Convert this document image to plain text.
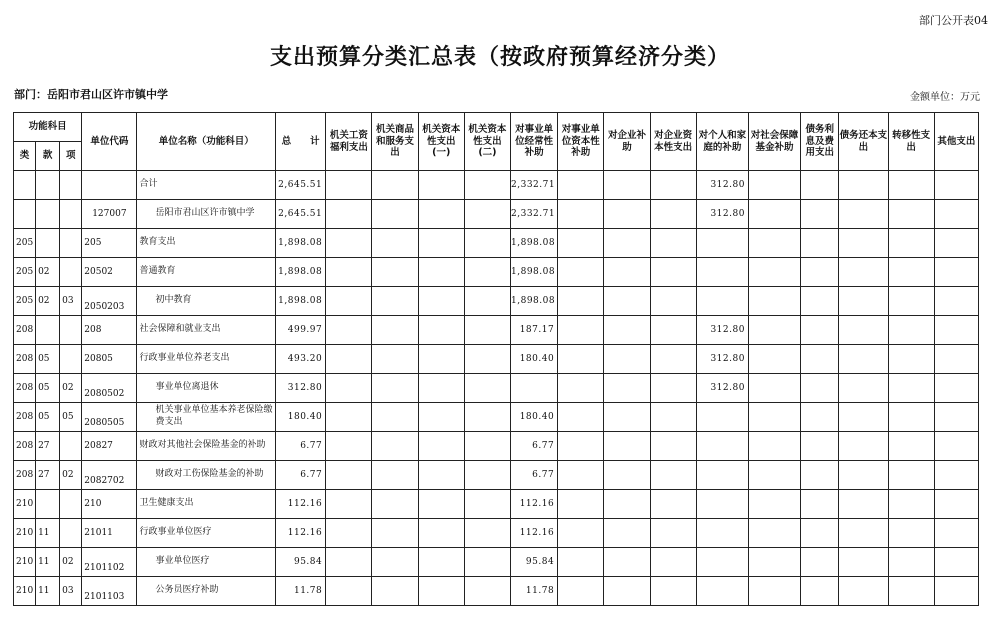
部门公开表04
支出预算分类汇总表（按政府预算经济分类）
部门：岳阳市君山区许市镇中学	金额单位：万元
功能科目			单位代码	单位名称（功能科目）	总　　计	机关工资福利支出	机关商品和服务支出	机关资本性支出(一)	机关资本性支出(二)	对事业单位经常性补助	对事业单位资本性补助	对企业补助	对企业资本性支出	对个人和家庭的补助	对社会保障基金补助	债务利息及费用支出	债务还本支出	转移性支出	其他支出
类	款	项																	
				合计	2,645.51					2,332.71				312.80					
			127007	岳阳市君山区许市镇中学	2,645.51					2,332.71				312.80					
205			205	教育支出	1,898.08					1,898.08									
205	02		20502	普通教育	1,898.08					1,898.08									
205	02	03	2050203	初中教育	1,898.08					1,898.08									
208			208	社会保障和就业支出	499.97					187.17				312.80					
208	05		20805	行政事业单位养老支出	493.20					180.40				312.80					
208	05	02	2080502	事业单位离退休	312.80									312.80					
208	05	05	2080505	机关事业单位基本养老保险缴费支出	180.40					180.40									
208	27		20827	财政对其他社会保险基金的补助	6.77					6.77									
208	27	02	2082702	财政对工伤保险基金的补助	6.77					6.77									
210			210	卫生健康支出	112.16					112.16									
210	11		21011	行政事业单位医疗	112.16					112.16									
210	11	02	2101102	事业单位医疗	95.84					95.84									
210	11	03	2101103	公务员医疗补助	11.78					11.78									
